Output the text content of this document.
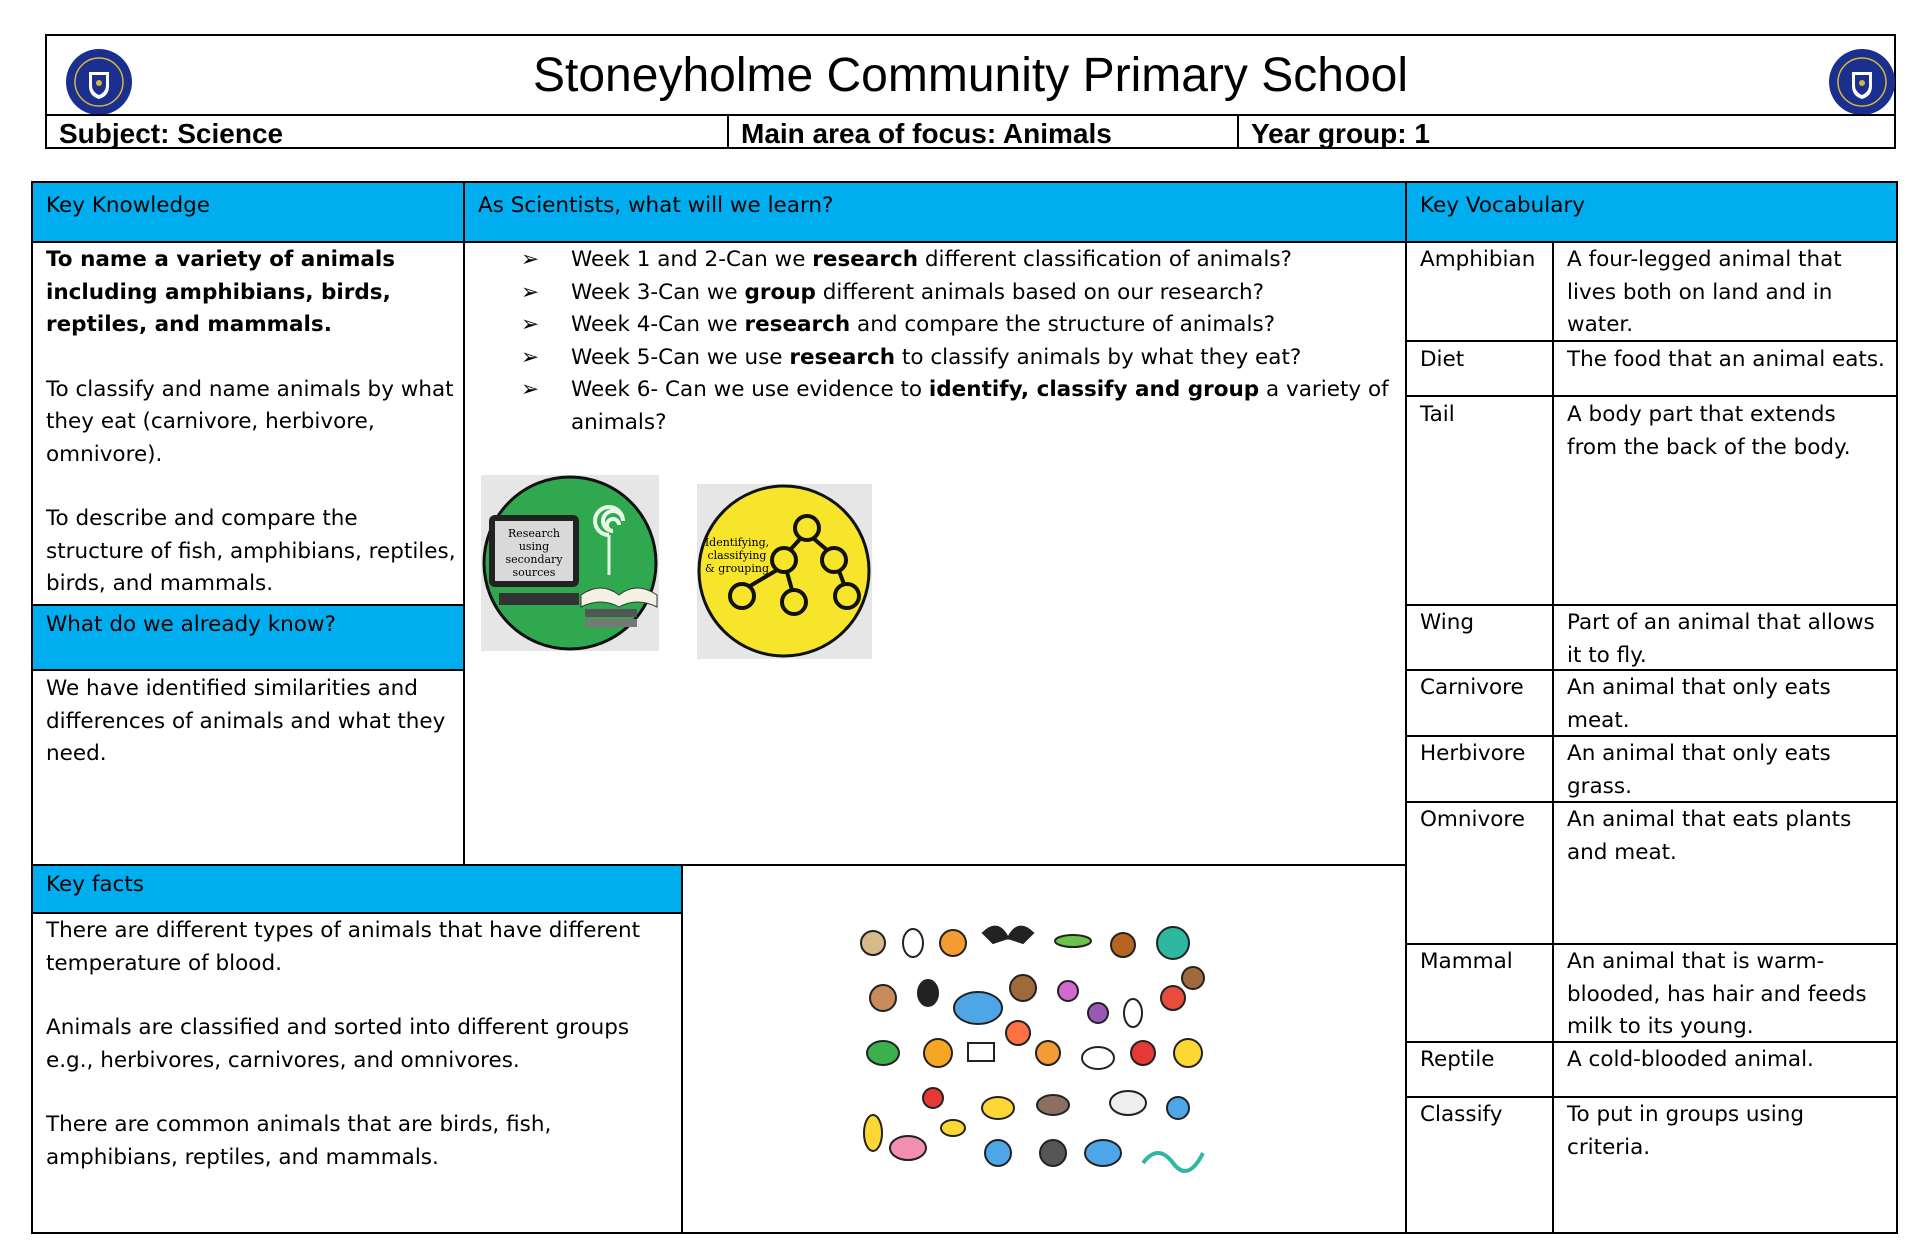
Stoneyholme Community Primary School
Subject: Science	Main area of focus: Animals	Year group: 1
Key Knowledge	As Scientists, what will we learn?	Key Vocabulary

To name a variety of animals including amphibians, birds, reptiles, and mammals.

To classify and name animals by what they eat (carnivore, herbivore, omnivore).

To describe and compare the structure of fish, amphibians, reptiles, birds, and mammals.

What do we already know?
We have identified similarities and differences of animals and what they need.
➢	Week 1 and 2-Can we research different classification of animals?
➢	Week 3-Can we group different animals based on our research?
➢	Week 4-Can we research and compare the structure of animals?
➢	Week 5-Can we use research to classify animals by what they eat?
➢	Week 6- Can we use evidence to identify, classify and group a variety of animals?
Research
using
secondary
sources
Identifying,
classifying
& grouping
Key facts

There are different types of animals that have different temperature of blood.

Animals are classified and sorted into different groups e.g., herbivores, carnivores, and omnivores.

There are common animals that are birds, fish, amphibians, reptiles, and mammals.

Amphibian	A four-legged animal that lives both on land and in water.
Diet	The food that an animal eats.
Tail	A body part that extends from the back of the body.
Wing	Part of an animal that allows it to fly.
Carnivore	An animal that only eats meat.
Herbivore	An animal that only eats grass.
Omnivore	An animal that eats plants and meat.
Mammal	An animal that is warm-blooded, has hair and feeds milk to its young.
Reptile	A cold-blooded animal.
Classify	To put in groups using criteria.
